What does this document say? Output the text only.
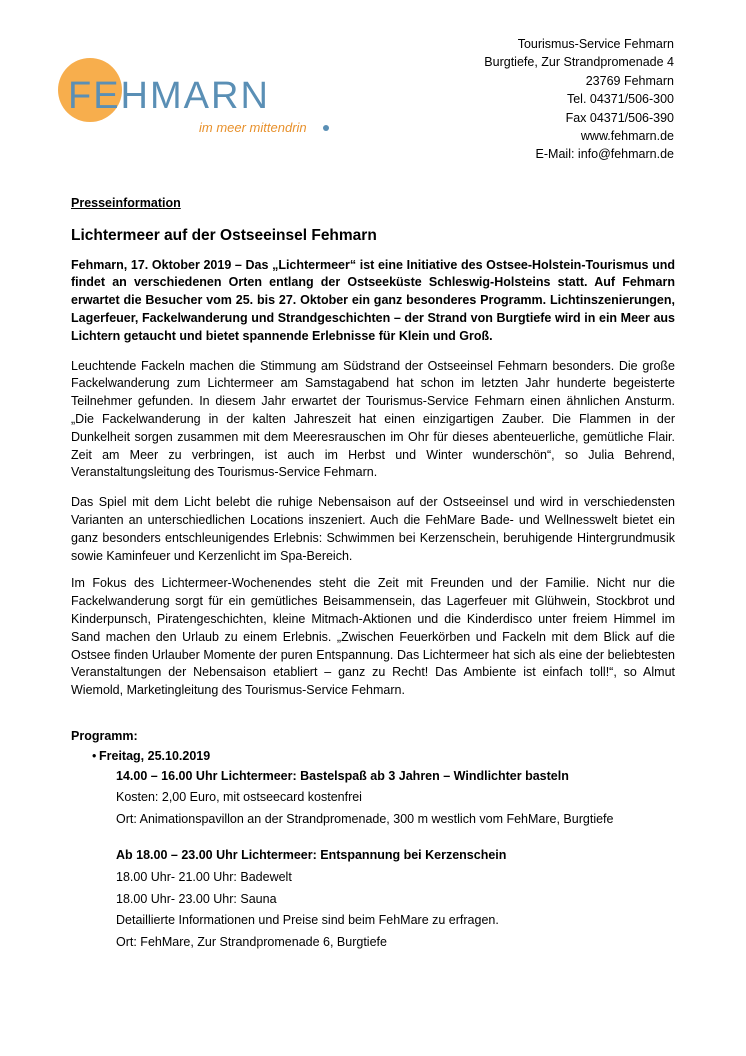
FEHMARN
im meer mittendrin
Tourismus-Service Fehmarn
Burgtiefe, Zur Strandpromenade 4
23769 Fehmarn
Tel. 04371/506-300
Fax 04371/506-390
www.fehmarn.de
E-Mail: info@fehmarn.de

Presseinformation

Lichtermeer auf der Ostseeinsel Fehmarn

Fehmarn, 17. Oktober 2019 – Das „Lichtermeer“ ist eine Initiative des Ostsee-Holstein-Tourismus und findet an verschiedenen Orten entlang der Ostseeküste Schleswig-Holsteins statt. Auf Fehmarn erwartet die Besucher vom 25. bis 27. Oktober ein ganz besonderes Programm. Lichtinszenierungen, Lagerfeuer, Fackelwanderung und Strandgeschichten – der Strand von Burgtiefe wird in ein Meer aus Lichtern getaucht und bietet spannende Erlebnisse für Klein und Groß.

Leuchtende Fackeln machen die Stimmung am Südstrand der Ostseeinsel Fehmarn besonders. Die große Fackelwanderung zum Lichtermeer am Samstagabend hat schon im letzten Jahr hunderte begeisterte Teilnehmer gefunden. In diesem Jahr erwartet der Tourismus-Service Fehmarn einen ähnlichen Ansturm. „Die Fackelwanderung in der kalten Jahreszeit hat einen einzigartigen Zauber. Die Flammen in der Dunkelheit sorgen zusammen mit dem Meeresrauschen im Ohr für dieses abenteuerliche, gemütliche Flair. Zeit am Meer zu verbringen, ist auch im Herbst und Winter wunderschön“, so Julia Behrend, Veranstaltungsleitung des Tourismus-Service Fehmarn.

Das Spiel mit dem Licht belebt die ruhige Nebensaison auf der Ostseeinsel und wird in verschiedensten Varianten an unterschiedlichen Locations inszeniert. Auch die FehMare Bade- und Wellnesswelt bietet ein ganz besonders entschleunigendes Erlebnis: Schwimmen bei Kerzenschein, beruhigende Hintergrundmusik sowie Kaminfeuer und Kerzenlicht im Spa-Bereich.

Im Fokus des Lichtermeer-Wochenendes steht die Zeit mit Freunden und der Familie. Nicht nur die Fackelwanderung sorgt für ein gemütliches Beisammensein, das Lagerfeuer mit Glühwein, Stockbrot und Kinderpunsch, Piratengeschichten, kleine Mitmach-Aktionen und die Kinderdisco unter freiem Himmel im Sand machen den Urlaub zu einem Erlebnis. „Zwischen Feuerkörben und Fackeln mit dem Blick auf die Ostsee finden Urlauber Momente der puren Entspannung. Das Lichtermeer hat sich als eine der beliebtesten Veranstaltungen der Nebensaison etabliert – ganz zu Recht! Das Ambiente ist einfach toll!“, so Almut Wiemold, Marketingleitung des Tourismus-Service Fehmarn.

Programm:

• Freitag, 25.10.2019

14.00 – 16.00 Uhr Lichtermeer: Bastelspaß ab 3 Jahren – Windlichter basteln

Kosten: 2,00 Euro, mit ostseecard kostenfrei

Ort: Animationspavillon an der Strandpromenade, 300 m westlich vom FehMare, Burgtiefe

Ab 18.00 – 23.00 Uhr Lichtermeer: Entspannung bei Kerzenschein

18.00 Uhr- 21.00 Uhr: Badewelt

18.00 Uhr- 23.00 Uhr: Sauna

Detaillierte Informationen und Preise sind beim FehMare zu erfragen.

Ort: FehMare, Zur Strandpromenade 6, Burgtiefe
